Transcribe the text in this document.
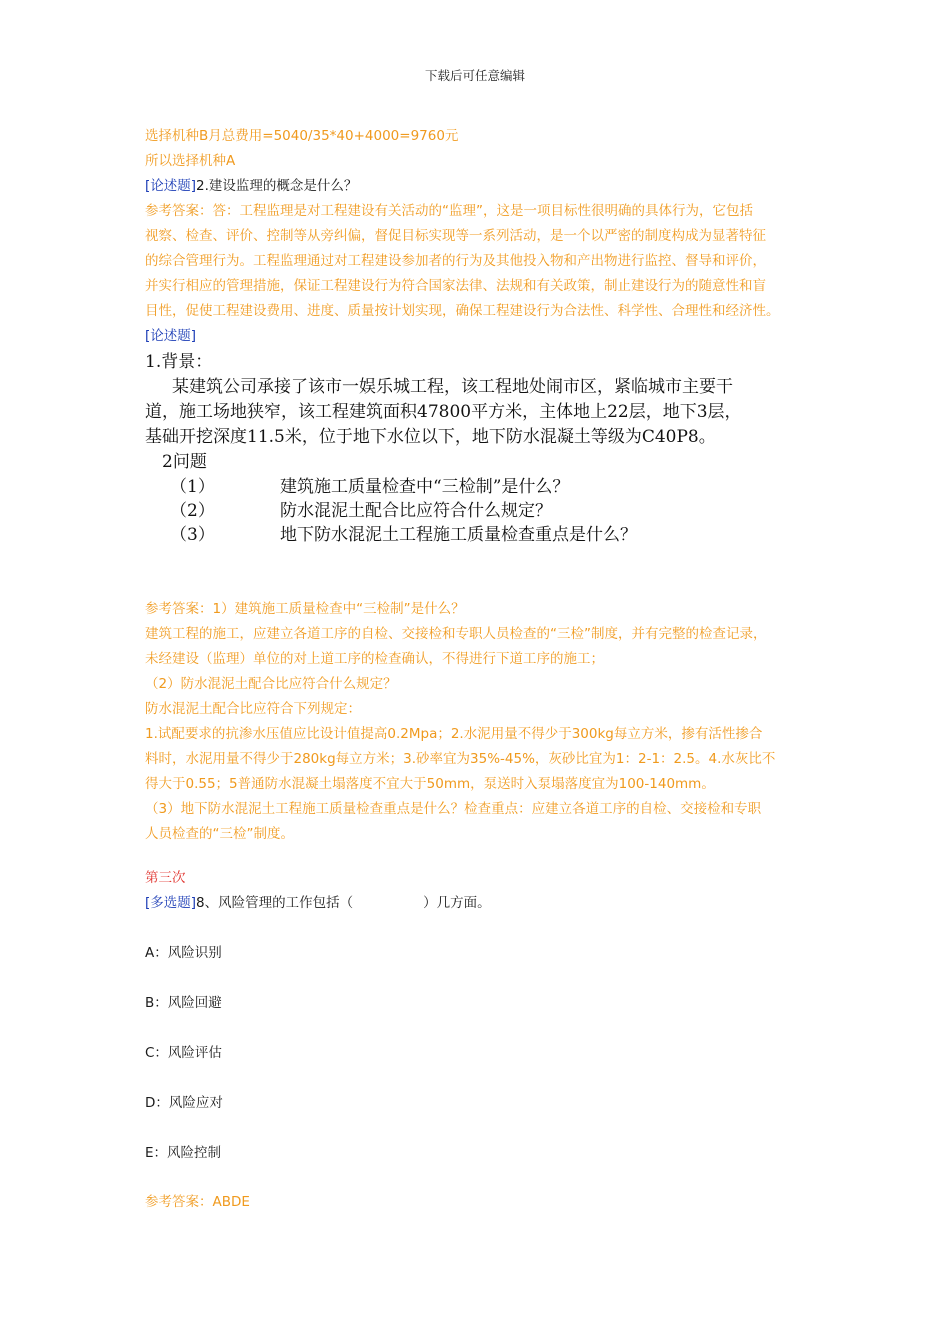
下载后可任意编辑
选择机种B月总费用=5040/35*40+4000=9760元
所以选择机种A
[论述题]2.建设监理的概念是什么？
参考答案：答：工程监理是对工程建设有关活动的“监理”，这是一项目标性很明确的具体行为，它包括
视察、检查、评价、控制等从旁纠偏，督促目标实现等一系列活动，是一个以严密的制度构成为显著特征
的综合管理行为。工程监理通过对工程建设参加者的行为及其他投入物和产出物进行监控、督导和评价，
并实行相应的管理措施，保证工程建设行为符合国家法律、法规和有关政策，制止建设行为的随意性和盲
目性，促使工程建设费用、进度、质量按计划实现，确保工程建设行为合法性、科学性、合理性和经济性。
[论述题]
1.背景：
某建筑公司承接了该市一娱乐城工程，该工程地处闹市区，紧临城市主要干
道，施工场地狭窄，该工程建筑面积47800平方米，主体地上22层，地下3层，
基础开挖深度11.5米，位于地下水位以下，地下防水混凝土等级为C40P8。
2问题
（1）	建筑施工质量检查中“三检制”是什么？
（2）	防水混泥土配合比应符合什么规定？
（3）	地下防水混泥土工程施工质量检查重点是什么？
参考答案：1）建筑施工质量检查中“三检制”是什么？
建筑工程的施工，应建立各道工序的自检、交接检和专职人员检查的“三检”制度，并有完整的检查记录，
未经建设（监理）单位的对上道工序的检查确认，不得进行下道工序的施工；
（2）防水混泥土配合比应符合什么规定？
防水混泥土配合比应符合下列规定：
1.试配要求的抗渗水压值应比设计值提高0.2Mpa；2.水泥用量不得少于300kg每立方米，掺有活性掺合
料时，水泥用量不得少于280kg每立方米；3.砂率宜为35%-45%，灰砂比宜为1：2-1：2.5。4.水灰比不
得大于0.55；5普通防水混凝土塌落度不宜大于50mm，泵送时入泵塌落度宜为100-140mm。
（3）地下防水混泥土工程施工质量检查重点是什么？检查重点：应建立各道工序的自检、交接检和专职
人员检查的“三检”制度。
第三次
[多选题]8、风险管理的工作包括（	）几方面。
A：风险识别
B：风险回避
C：风险评估
D：风险应对
E：风险控制
参考答案：ABDE
